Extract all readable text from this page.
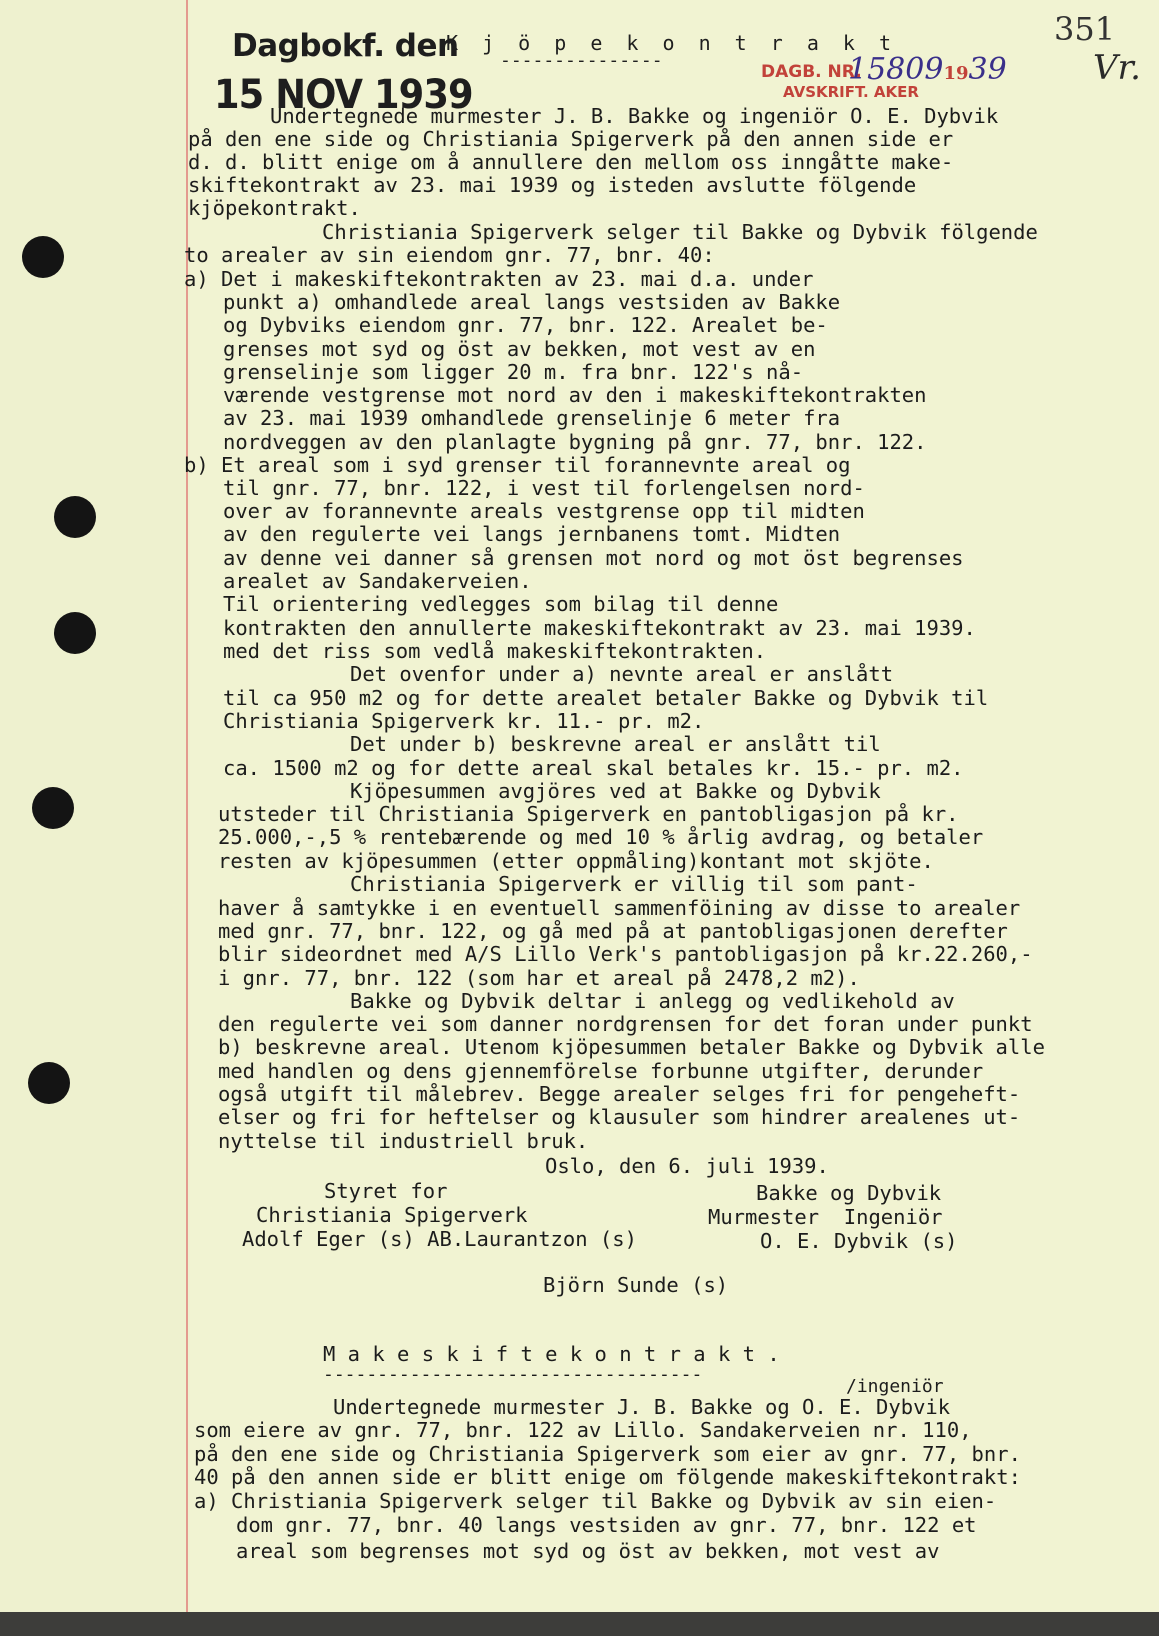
Dagbokf. den
15 NOV 1939	DAGB. NR.
AVSKRIFT. AKER
158091939
351
Vr.
K j ö p e k o n t r a k t
---------------

Undertegnede murmester J. B. Bakke og ingeniör O. E. Dybvik

på den ene side og Christiania Spigerverk på den annen side er

d. d. blitt enige om å annullere den mellom oss inngåtte make-

skiftekontrakt av 23. mai 1939 og isteden avslutte fölgende

kjöpekontrakt.

Christiania Spigerverk selger til Bakke og Dybvik fölgende

to arealer av sin eiendom gnr. 77, bnr. 40:

a) Det i makeskiftekontrakten av 23. mai d.a. under

punkt a) omhandlede areal langs vestsiden av Bakke

og Dybviks eiendom gnr. 77, bnr. 122. Arealet be-

grenses mot syd og öst av bekken, mot vest av en

grenselinje som ligger 20 m. fra bnr. 122's nå-

værende vestgrense mot nord av den i makeskiftekontrakten

av 23. mai 1939 omhandlede grenselinje 6 meter fra

nordveggen av den planlagte bygning på gnr. 77, bnr. 122.

b) Et areal som i syd grenser til forannevnte areal og

til gnr. 77, bnr. 122, i vest til forlengelsen nord-

over av forannevnte areals vestgrense opp til midten

av den regulerte vei langs jernbanens tomt. Midten

av denne vei danner så grensen mot nord og mot öst begrenses

arealet av Sandakerveien.

Til orientering vedlegges som bilag til denne

kontrakten den annullerte makeskiftekontrakt av 23. mai 1939.

med det riss som vedlå makeskiftekontrakten.

Det ovenfor under a) nevnte areal er anslått

til ca 950 m2 og for dette arealet betaler Bakke og Dybvik til

Christiania Spigerverk kr. 11.- pr. m2.

Det under b) beskrevne areal er anslått til

ca. 1500 m2 og for dette areal skal betales kr. 15.- pr. m2.

Kjöpesummen avgjöres ved at Bakke og Dybvik

utsteder til Christiania Spigerverk en pantobligasjon på kr.

25.000,-,5 % rentebærende og med 10 % årlig avdrag, og betaler

resten av kjöpesummen (etter oppmåling)kontant mot skjöte.

Christiania Spigerverk er villig til som pant-

haver å samtykke i en eventuell sammenföining av disse to arealer

med gnr. 77, bnr. 122, og gå med på at pantobligasjonen derefter

blir sideordnet med A/S Lillo Verk's pantobligasjon på kr.22.260,-

i gnr. 77, bnr. 122 (som har et areal på 2478,2 m2).

Bakke og Dybvik deltar i anlegg og vedlikehold av

den regulerte vei som danner nordgrensen for det foran under punkt

b) beskrevne areal. Utenom kjöpesummen betaler Bakke og Dybvik alle

med handlen og dens gjennemförelse forbunne utgifter, derunder

også utgift til målebrev. Begge arealer selges fri for pengeheft-

elser og fri for heftelser og klausuler som hindrer arealenes ut-

nyttelse til industriell bruk.

Oslo, den 6. juli 1939.

Styret for

Christiania Spigerverk

Adolf Eger (s) AB.Laurantzon (s)

Bakke og Dybvik

Murmester  Ingeniör

O. E. Dybvik (s)

Björn Sunde (s)

M a k e s k i f t e k o n t r a k t .

-----------------------------------

/ingeniör

Undertegnede murmester J. B. Bakke og O. E. Dybvik

som eiere av gnr. 77, bnr. 122 av Lillo. Sandakerveien nr. 110,

på den ene side og Christiania Spigerverk som eier av gnr. 77, bnr.

40 på den annen side er blitt enige om fölgende makeskiftekontrakt:

a) Christiania Spigerverk selger til Bakke og Dybvik av sin eien-

dom gnr. 77, bnr. 40 langs vestsiden av gnr. 77, bnr. 122 et

areal som begrenses mot syd og öst av bekken, mot vest av
